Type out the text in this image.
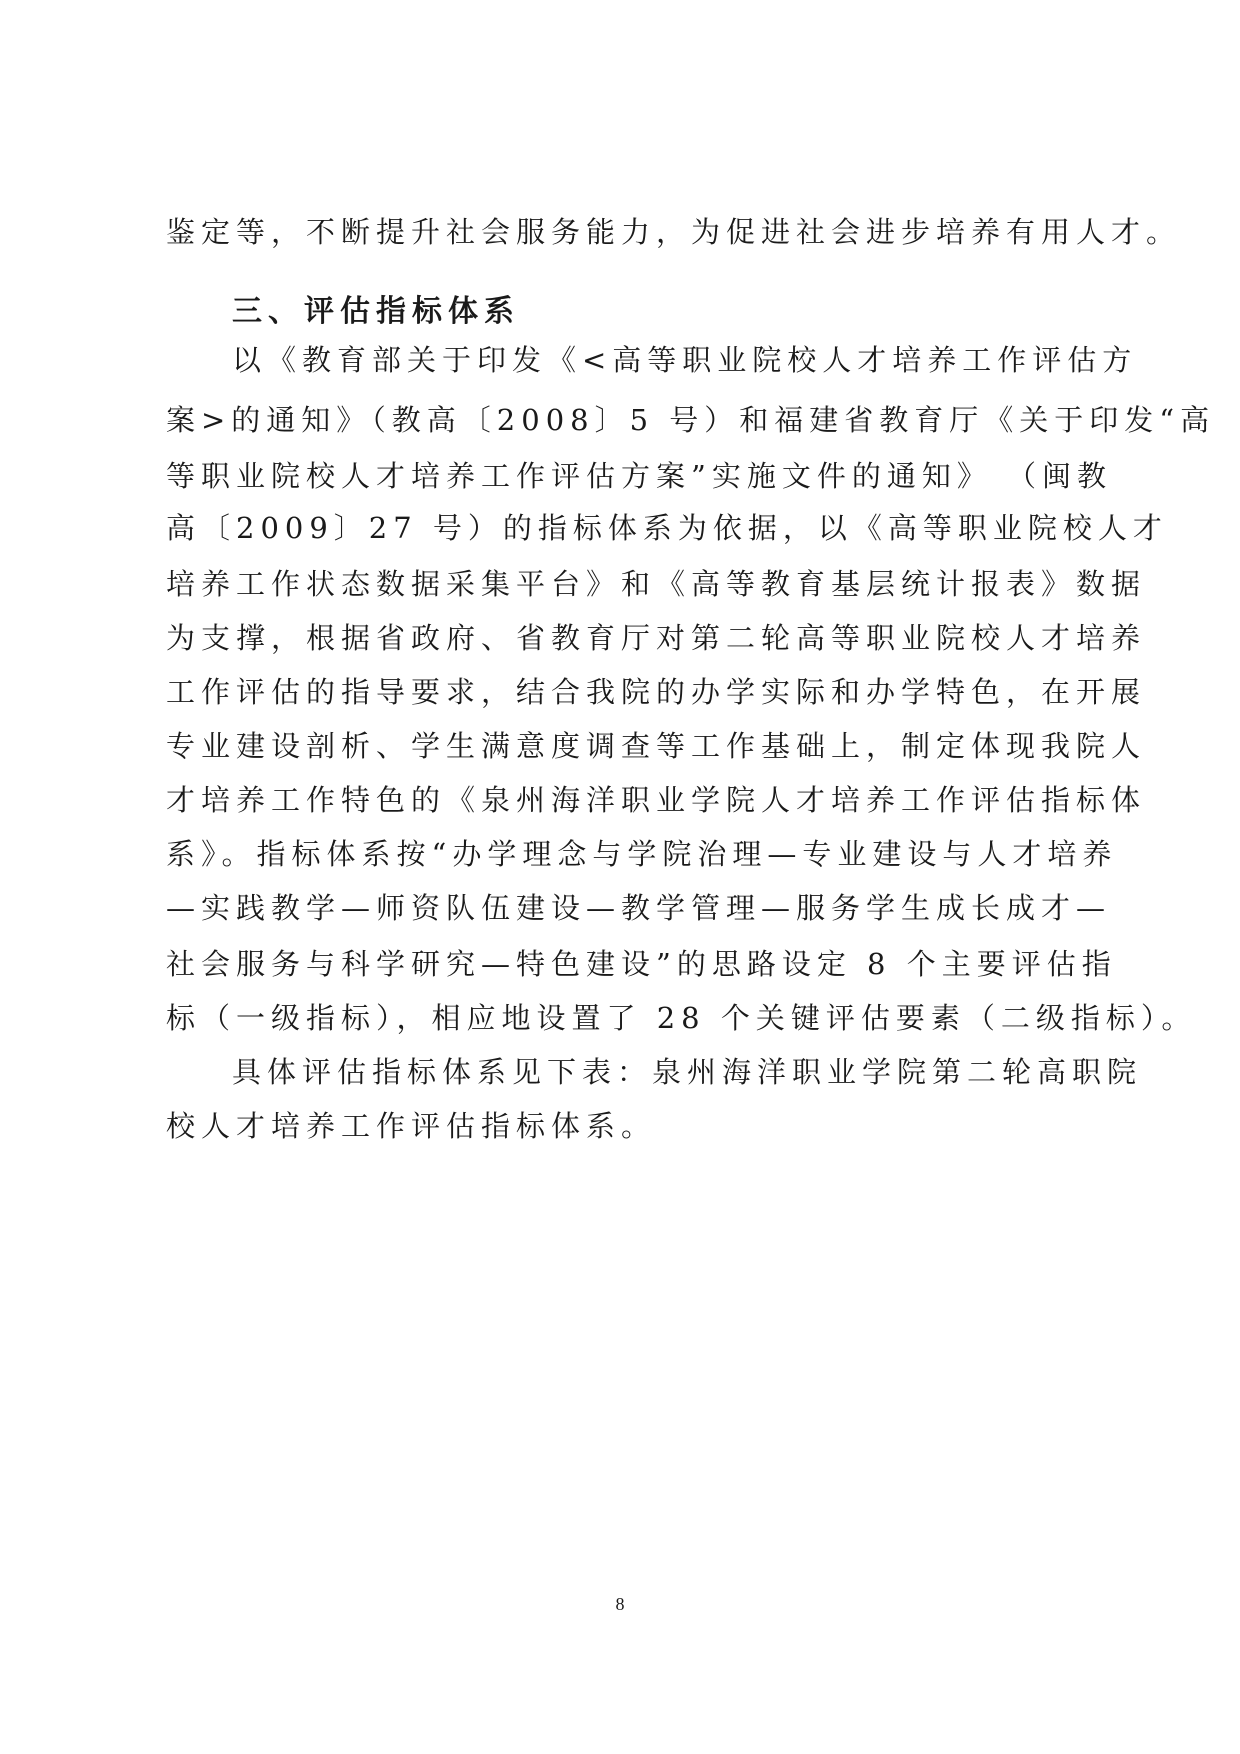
鉴定等，不断提升社会服务能力，为促进社会进步培养有用人才。
三、评估指标体系
以《教育部关于印发《<高等职业院校人才培养工作评估方
案>的通知》（教高〔2008〕5 号）和福建省教育厅《关于印发“高
等职业院校人才培养工作评估方案”实施文件的通知》 （闽教
高〔2009〕27 号）的指标体系为依据，以《高等职业院校人才
培养工作状态数据采集平台》和《高等教育基层统计报表》数据
为支撑，根据省政府、省教育厅对第二轮高等职业院校人才培养
工作评估的指导要求，结合我院的办学实际和办学特色，在开展
专业建设剖析、学生满意度调查等工作基础上，制定体现我院人
才培养工作特色的《泉州海洋职业学院人才培养工作评估指标体
系》。指标体系按“办学理念与学院治理—专业建设与人才培养
—实践教学—师资队伍建设—教学管理—服务学生成长成才—
社会服务与科学研究—特色建设”的思路设定 8 个主要评估指
标（一级指标），相应地设置了 28 个关键评估要素（二级指标）。
具体评估指标体系见下表：泉州海洋职业学院第二轮高职院
校人才培养工作评估指标体系。
8
